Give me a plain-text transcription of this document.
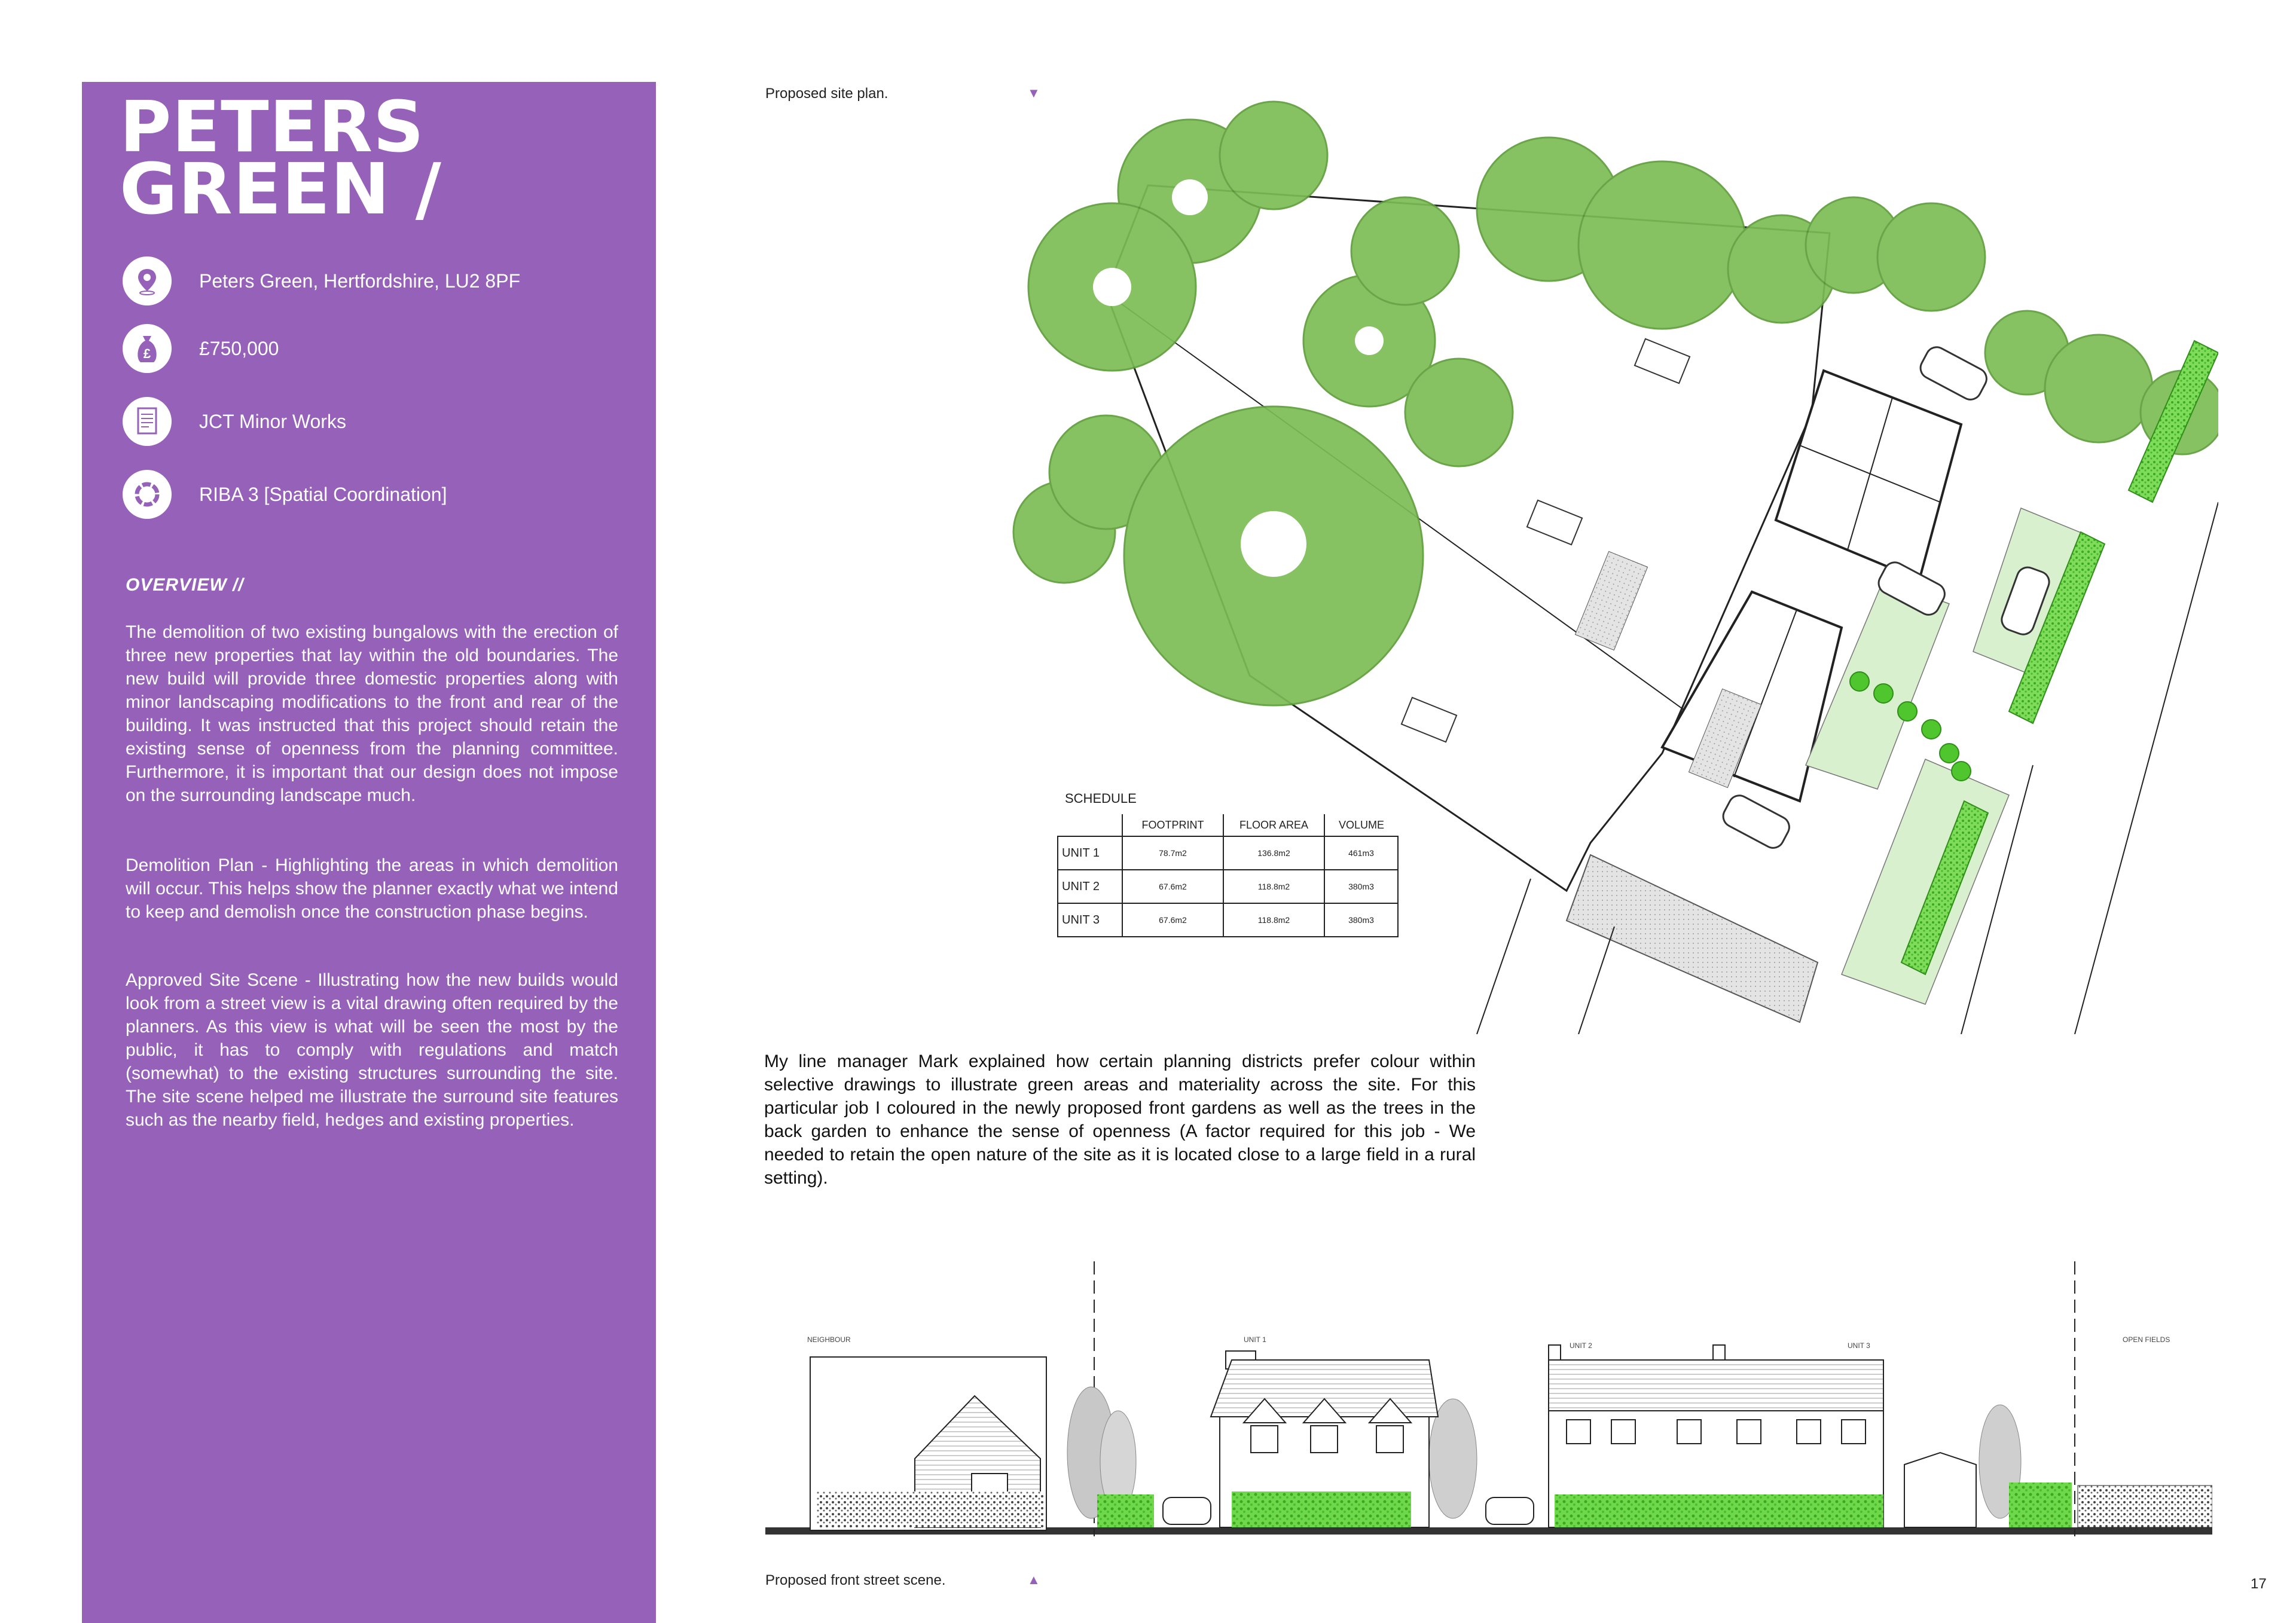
PETERS
GREEN /
Peters Green, Hertfordshire, LU2 8PF
£	£750,000
JCT Minor Works
RIBA 3 [Spatial Coordination]
OVERVIEW //

The demolition of two existing bungalows with the erection of three new properties that lay within the old boundaries. The new build will provide three domestic properties along with minor landscaping modifications to the front and rear of the building. It was instructed that this project should retain the existing sense of openness from the planning committee. Furthermore, it is important that our design does not impose on the surrounding landscape much.

Demolition Plan - Highlighting the areas in which demolition will occur. This helps show the planner exactly what we intend to keep and demolish once the construction phase begins.

Approved Site Scene - Illustrating how the new builds would look from a street view is a vital drawing often required by the planners. As this view is what will be seen the most by the public, it has to comply with regulations and match (somewhat) to the existing structures surrounding the site. The site scene helped me illustrate the surround site features such as the nearby field, hedges and existing properties.

Proposed site plan.	▼
SCHEDULE
	FOOTPRINT	FLOOR AREA	VOLUME
UNIT 1	78.7m2	136.8m2	461m3
UNIT 2	67.6m2	118.8m2	380m3
UNIT 3	67.6m2	118.8m2	380m3

My line manager Mark explained how certain planning districts prefer colour within selective drawings to illustrate green areas and materiality across the site. For this particular job I coloured in the newly proposed front gardens as well as the trees in the back garden to enhance the sense of openness (A factor required for this job - We needed to retain the open nature of the site as it is located close to a large field in a rural setting).

NEIGHBOUR	UNIT 1
UNIT 2	UNIT 3
OPEN FIELDS
Proposed front street scene.	▲	17
